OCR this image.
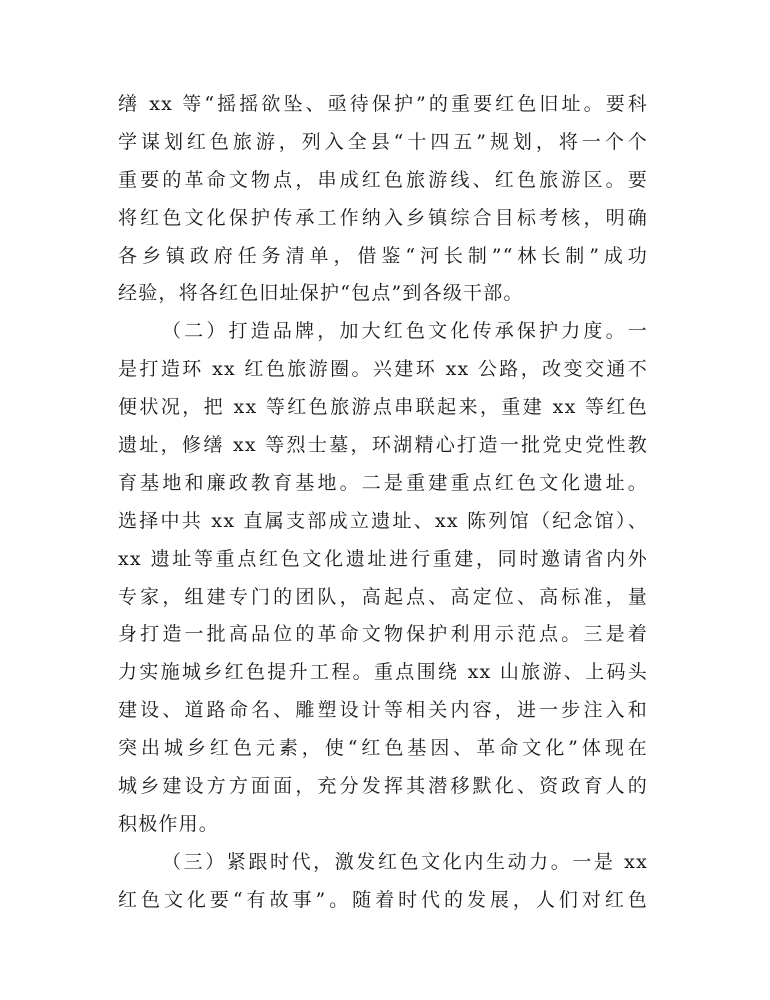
缮 xx 等“摇摇欲坠、亟待保护”的重要红色旧址。要科
学谋划红色旅游，列入全县“十四五”规划，将一个个
重要的革命文物点，串成红色旅游线、红色旅游区。要
将红色文化保护传承工作纳入乡镇综合目标考核，明确
各乡镇政府任务清单，借鉴“河长制”“林长制”成功
经验，将各红色旧址保护“包点”到各级干部。
（二）打造品牌，加大红色文化传承保护力度。一
是打造环 xx 红色旅游圈。兴建环 xx 公路，改变交通不
便状况，把 xx 等红色旅游点串联起来，重建 xx 等红色
遗址，修缮 xx 等烈士墓，环湖精心打造一批党史党性教
育基地和廉政教育基地。二是重建重点红色文化遗址。
选择中共 xx 直属支部成立遗址、xx 陈列馆（纪念馆）、
xx 遗址等重点红色文化遗址进行重建，同时邀请省内外
专家，组建专门的团队，高起点、高定位、高标准，量
身打造一批高品位的革命文物保护利用示范点。三是着
力实施城乡红色提升工程。重点围绕 xx 山旅游、上码头
建设、道路命名、雕塑设计等相关内容，进一步注入和
突出城乡红色元素，使“红色基因、革命文化”体现在
城乡建设方方面面，充分发挥其潜移默化、资政育人的
积极作用。
（三）紧跟时代，激发红色文化内生动力。一是 xx
红色文化要“有故事”。随着时代的发展，人们对红色
